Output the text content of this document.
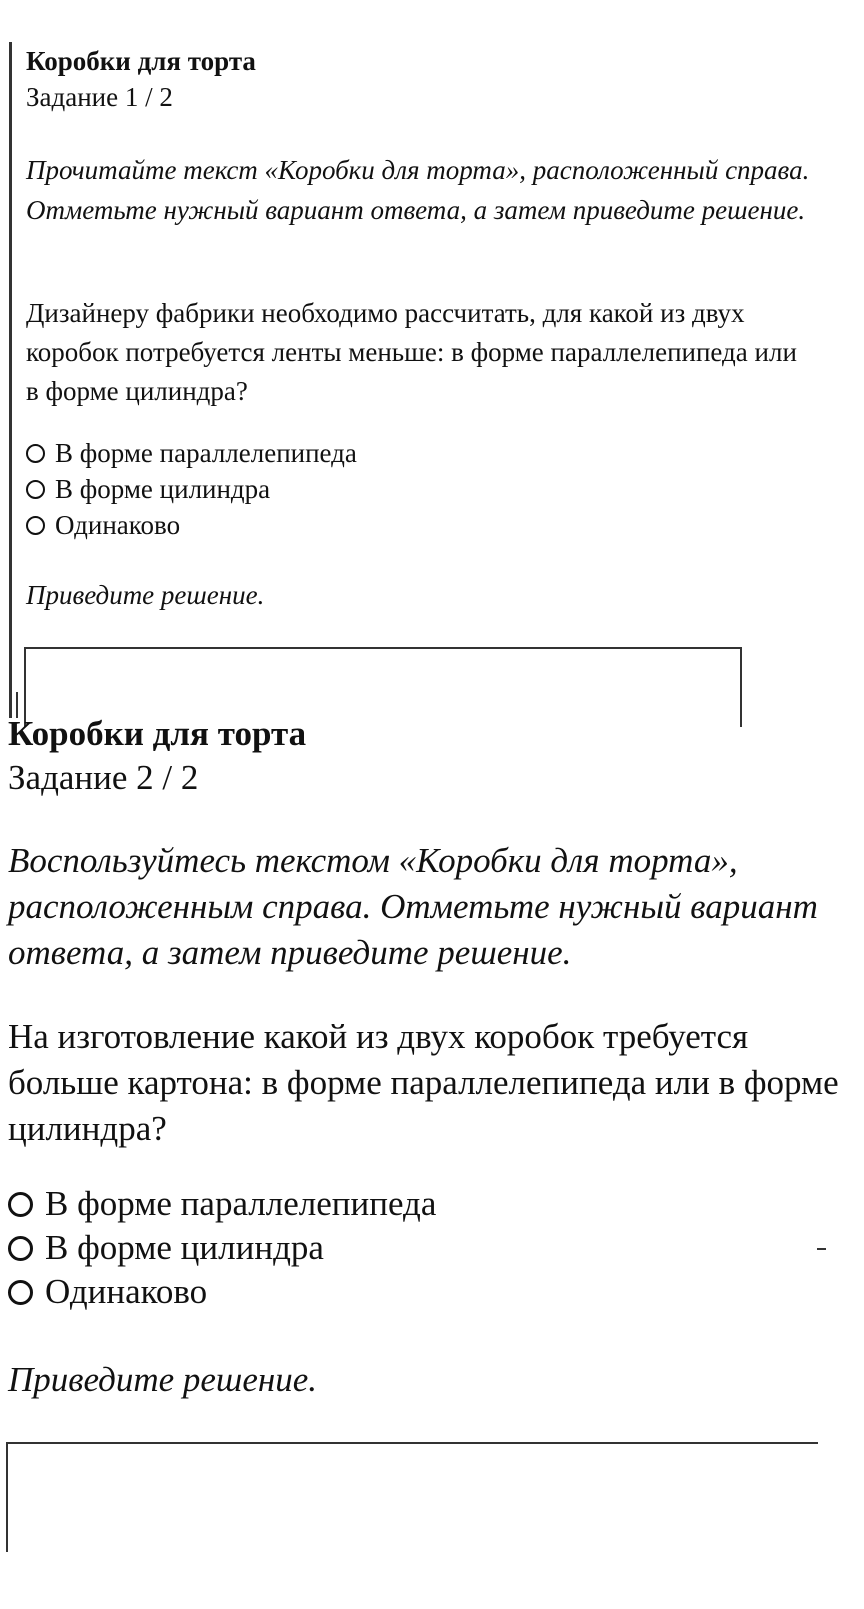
Коробки для торта
Задание 1 / 2
Прочитайте текст «Коробки для торта», расположенный справа. Отметьте нужный вариант ответа, а затем приведите решение.
Дизайнеру фабрики необходимо рассчитать, для какой из двух коробок потребуется ленты меньше: в форме параллелепипеда или в форме цилиндра?
В форме параллелепипеда
В форме цилиндра
Одинаково
Приведите решение.
Коробки для торта
Задание 2 / 2
Воспользуйтесь текстом «Коробки для торта», расположенным справа. Отметьте нужный вариант ответа, а затем приведите решение.
На изготовление какой из двух коробок требуется больше картона: в форме параллелепипеда или в форме цилиндра?
В форме параллелепипеда
В форме цилиндра
Одинаково
Приведите решение.
